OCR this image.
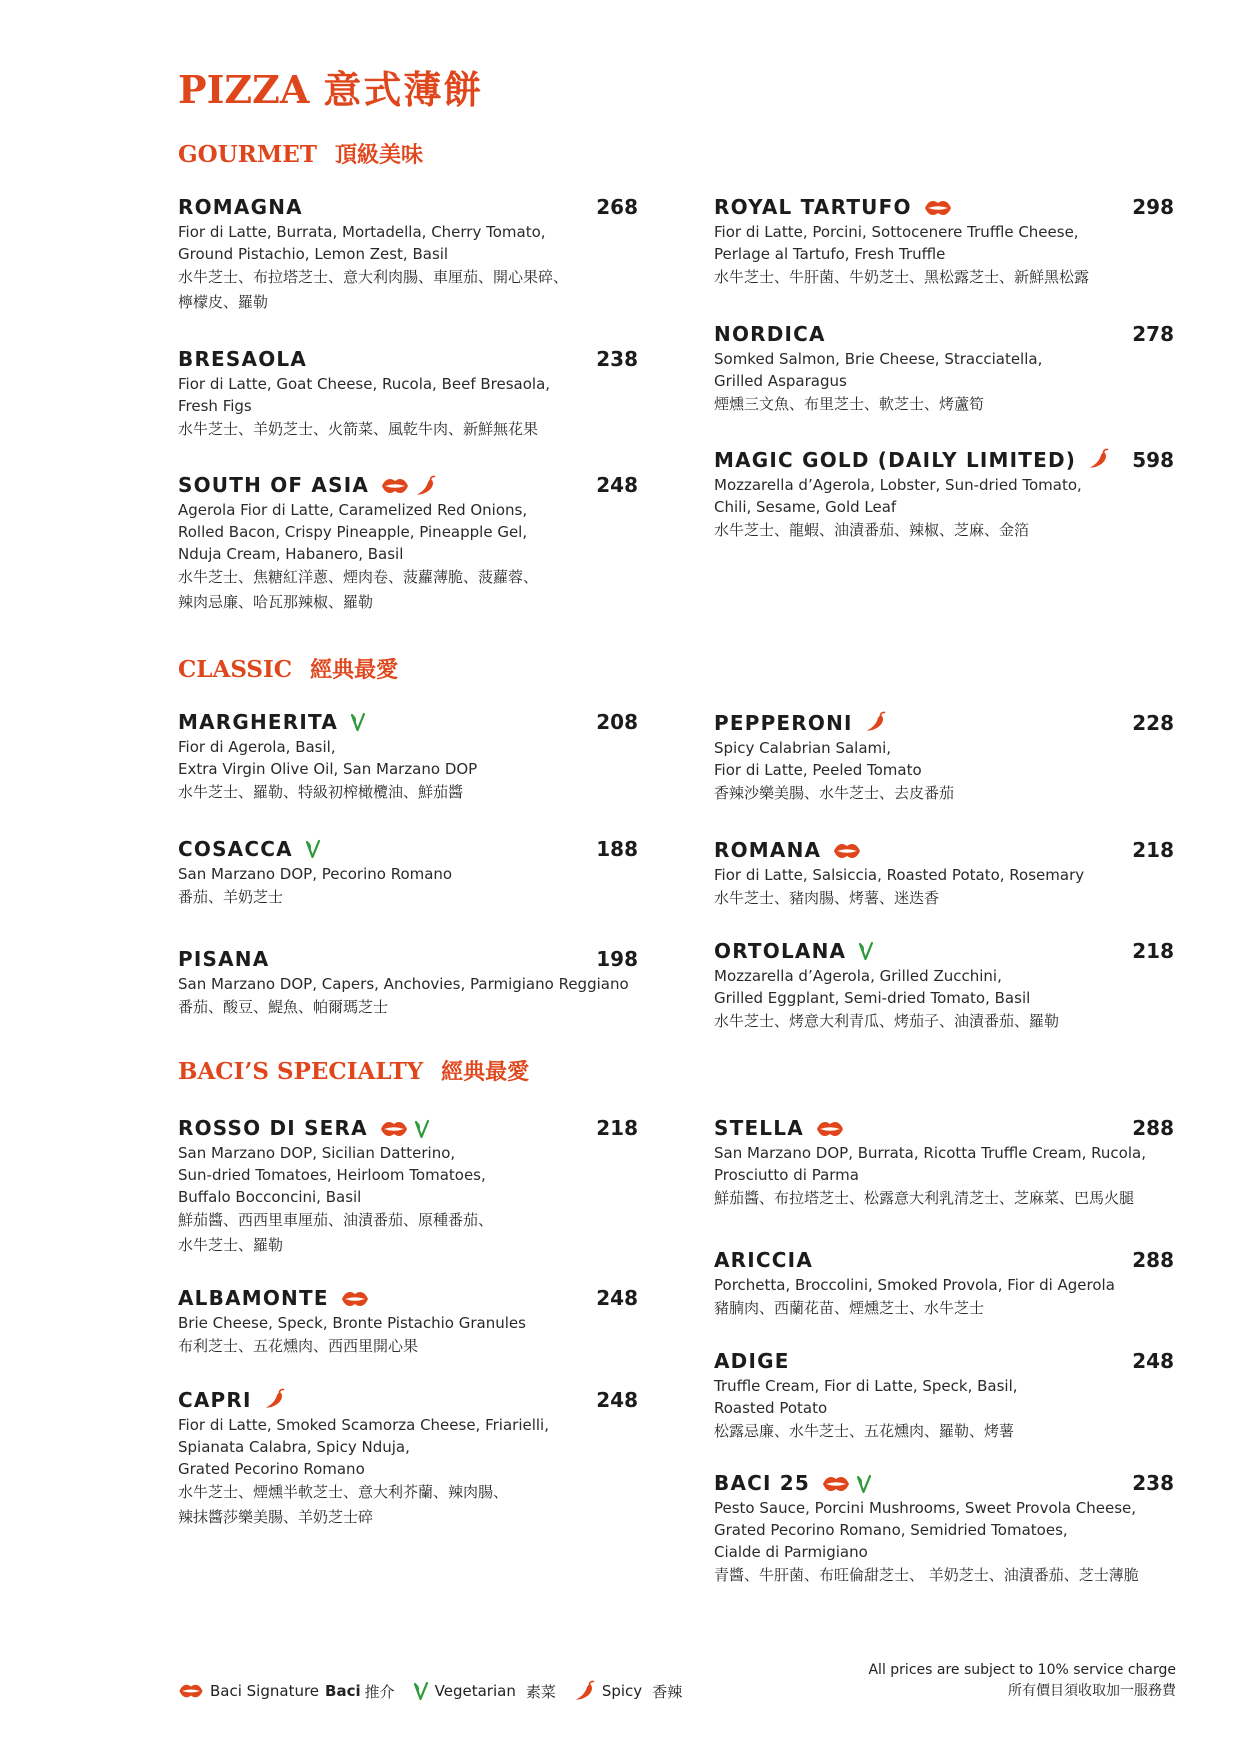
PIZZA 意式薄餅
GOURMET 頂級美味
CLASSIC 經典最愛
BACI’S SPECIALTY 經典最愛
ROMAGNA	268
Fior di Latte, Burrata, Mortadella, Cherry Tomato,
Ground Pistachio, Lemon Zest, Basil
水牛芝士、布拉塔芝士、意大利肉腸、車厘茄、開心果碎、
檸檬皮、羅勒
BRESAOLA	238
Fior di Latte, Goat Cheese, Rucola, Beef Bresaola,
Fresh Figs
水牛芝士、羊奶芝士、火箭菜、風乾牛肉、新鮮無花果
SOUTH OF ASIA	248
Agerola Fior di Latte, Caramelized Red Onions,
Rolled Bacon, Crispy Pineapple, Pineapple Gel,
Nduja Cream, Habanero, Basil
水牛芝士、焦糖紅洋蔥、煙肉卷、菠蘿薄脆、菠蘿蓉、
辣肉忌廉、哈瓦那辣椒、羅勒
ROYAL TARTUFO	298
Fior di Latte, Porcini, Sottocenere Truffle Cheese,
Perlage al Tartufo, Fresh Truffle
水牛芝士、牛肝菌、牛奶芝士、黑松露芝士、新鮮黑松露
NORDICA	278
Somked Salmon, Brie Cheese, Stracciatella,
Grilled Asparagus
煙燻三文魚、布里芝士、軟芝士、烤蘆筍
MAGIC GOLD (DAILY LIMITED)	598
Mozzarella d’Agerola, Lobster, Sun-dried Tomato,
Chili, Sesame, Gold Leaf
水牛芝士、龍蝦、油漬番茄、辣椒、芝麻、金箔
MARGHERITA	208
Fior di Agerola, Basil,
Extra Virgin Olive Oil, San Marzano DOP
水牛芝士、羅勒、特級初榨橄欖油、鮮茄醬
COSACCA	188
San Marzano DOP, Pecorino Romano
番茄、羊奶芝士
PISANA	198
San Marzano DOP, Capers, Anchovies, Parmigiano Reggiano
番茄、酸豆、鯷魚、帕爾瑪芝士
PEPPERONI	228
Spicy Calabrian Salami,
Fior di Latte, Peeled Tomato
香辣沙樂美腸、水牛芝士、去皮番茄
ROMANA	218
Fior di Latte, Salsiccia, Roasted Potato, Rosemary
水牛芝士、豬肉腸、烤薯、迷迭香
ORTOLANA	218
Mozzarella d’Agerola, Grilled Zucchini,
Grilled Eggplant, Semi-dried Tomato, Basil
水牛芝士、烤意大利青瓜、烤茄子、油漬番茄、羅勒
ROSSO DI SERA	218
San Marzano DOP, Sicilian Datterino,
Sun-dried Tomatoes, Heirloom Tomatoes,
Buffalo Bocconcini, Basil
鮮茄醬、西西里車厘茄、油漬番茄、原種番茄、
水牛芝士、羅勒
ALBAMONTE	248
Brie Cheese, Speck, Bronte Pistachio Granules
布利芝士、五花燻肉、西西里開心果
CAPRI	248
Fior di Latte, Smoked Scamorza Cheese, Friarielli,
Spianata Calabra, Spicy Nduja,
Grated Pecorino Romano
水牛芝士、煙燻半軟芝士、意大利芥蘭、辣肉腸、
辣抹醬莎樂美腸、羊奶芝士碎
STELLA	288
San Marzano DOP, Burrata, Ricotta Truffle Cream, Rucola,
Prosciutto di Parma
鮮茄醬、布拉塔芝士、松露意大利乳清芝士、芝麻菜、巴馬火腿
ARICCIA	288
Porchetta, Broccolini, Smoked Provola, Fior di Agerola
豬腩肉、西蘭花苗、煙燻芝士、水牛芝士
ADIGE	248
Truffle Cream, Fior di Latte, Speck, Basil,
Roasted Potato
松露忌廉、水牛芝士、五花燻肉、羅勒、烤薯
BACI 25	238
Pesto Sauce, Porcini Mushrooms, Sweet Provola Cheese,
Grated Pecorino Romano, Semidried Tomatoes,
Cialde di Parmigiano
青醬、牛肝菌、布旺倫甜芝士、 羊奶芝士、油漬番茄、芝士薄脆
Baci Signature Baci 推介	Vegetarian 素菜	Spicy 香辣
All prices are subject to 10% service charge
所有價目須收取加一服務費
